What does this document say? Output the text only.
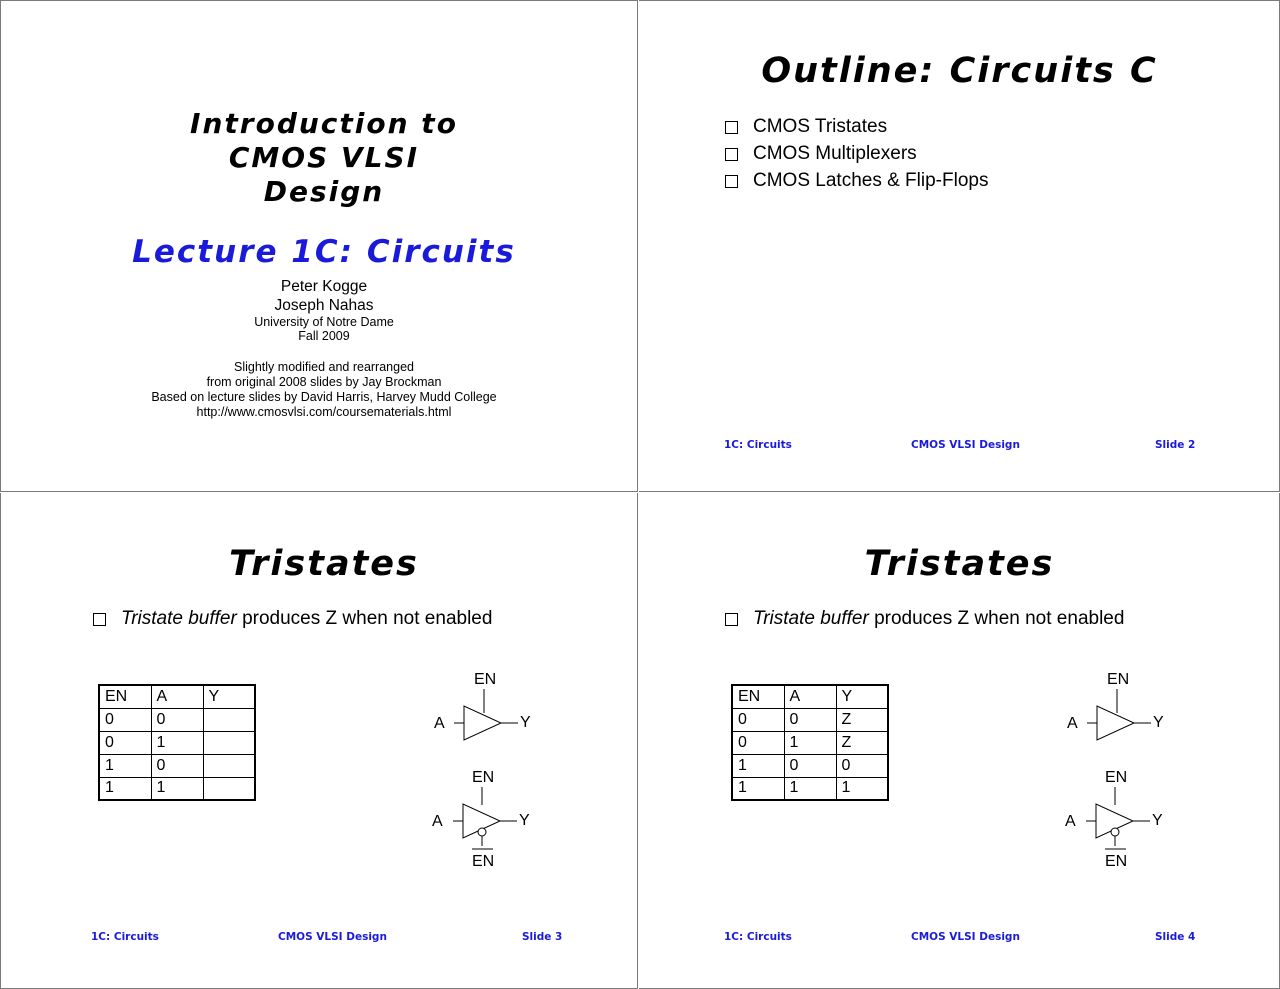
Introduction to
CMOS VLSI
Design
Lecture 1C: Circuits
Peter Kogge
Joseph Nahas
University of Notre Dame
Fall 2009
Slightly modified and rearranged
from original 2008 slides by Jay Brockman
Based on lecture slides by David Harris, Harvey Mudd College
http://www.cmosvlsi.com/coursematerials.html
Outline: Circuits C
CMOS Tristates
CMOS Multiplexers
CMOS Latches & Flip-Flops
1C: Circuits	CMOS VLSI Design	Slide 2
Tristates
Tristate buffer produces Z when not enabled
EN	A	Y
0	0	
0	1	
1	0	
1	1	
EN
A	Y
EN
A	Y
EN
1C: Circuits	CMOS VLSI Design	Slide 3
Tristates
Tristate buffer produces Z when not enabled
EN	A	Y
0	0	Z
0	1	Z
1	0	0
1	1	1
EN
A	Y
EN
A	Y
EN
1C: Circuits	CMOS VLSI Design	Slide 4
